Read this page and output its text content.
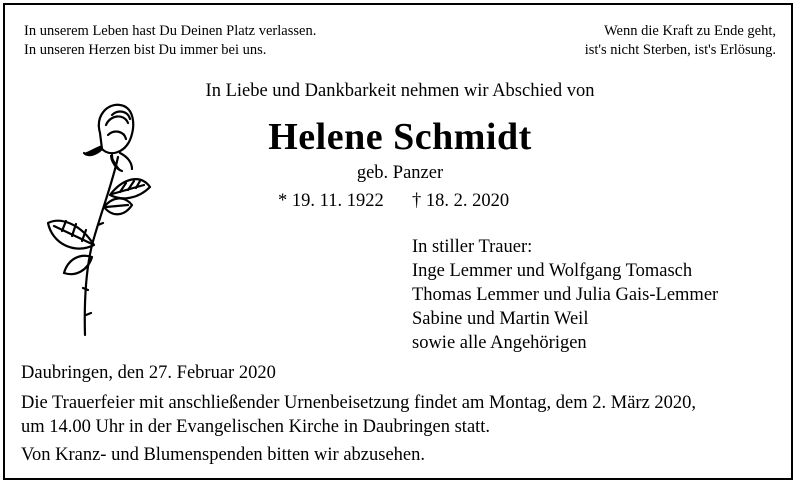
In unserem Leben hast Du Deinen Platz verlassen.
In unseren Herzen bist Du immer bei uns.
Wenn die Kraft zu Ende geht,
ist's nicht Sterben, ist's Erlösung.
In Liebe und Dankbarkeit nehmen wir Abschied von
Helene Schmidt
geb. Panzer
* 19. 11. 1922 † 18. 2. 2020
In stiller Trauer:
Inge Lemmer und Wolfgang Tomasch
Thomas Lemmer und Julia Gais-Lemmer
Sabine und Martin Weil
sowie alle Angehörigen
Daubringen, den 27. Februar 2020
Die Trauerfeier mit anschließender Urnenbeisetzung findet am Montag, dem 2. März 2020,
um 14.00 Uhr in der Evangelischen Kirche in Daubringen statt.
Von Kranz- und Blumenspenden bitten wir abzusehen.
